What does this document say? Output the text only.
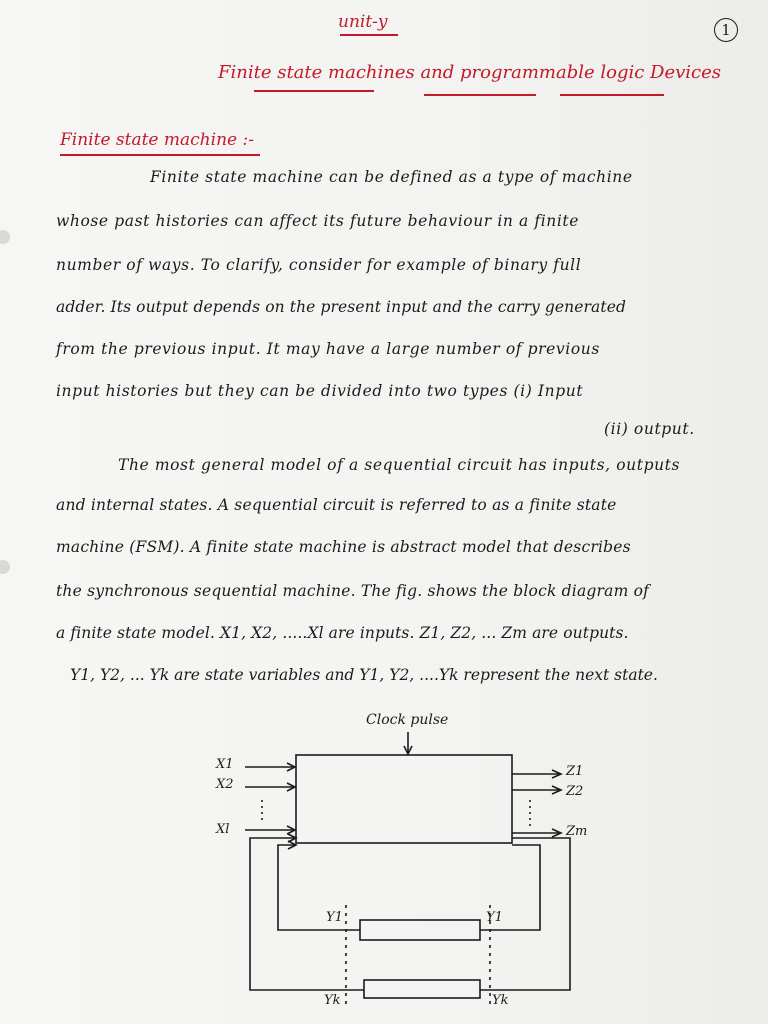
unit-y	1
Finite state machines and programmable logic Devices
Finite state machine :-
Finite state machine can be defined as a type of machine
whose past histories can affect its future behaviour in a finite
number of ways. To clarify, consider for example of binary full
adder. Its output depends on the present input and the carry generated
from the previous input. It may have a large number of previous
input histories but they can be divided into two types (i) Input
(ii) output.
The most general model of a sequential circuit has inputs, outputs
and internal states. A sequential circuit is referred to as a finite state
machine (FSM). A finite state machine is abstract model that describes
the synchronous sequential machine. The fig. shows the block diagram of
a finite state model. X1, X2, .....Xl are inputs. Z1, Z2, ... Zm are outputs.
Y1, Y2, ... Yk are state variables and Y1, Y2, ....Yk represent the next state.
Clock pulse
X1
X2
Xl
Z1
Z2
Zm
Y1	Y1
Yk	Yk
